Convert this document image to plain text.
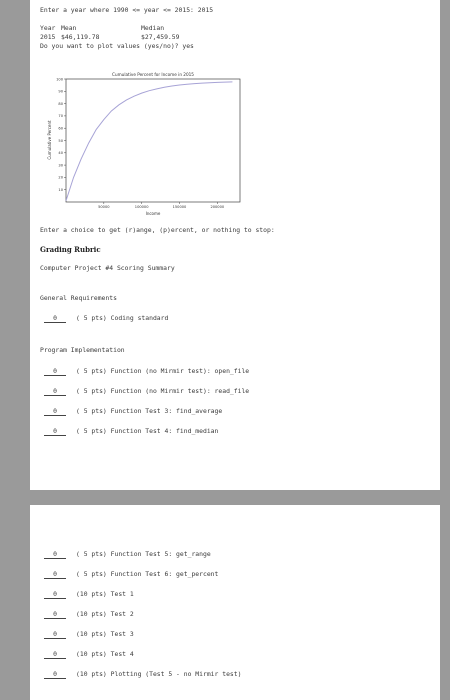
Enter a year where 1990 <= year <= 2015: 2015
Year Mean	Median
2015 $46,119.78	$27,459.59
Do you want to plot values (yes/no)? yes
Cumulative Percent for Income in 2015
10
20
30
40
50
60
70
80
90
100
50000	100000	150000	200000
Income
Cumulative Percent
Enter a choice to get (r)ange, (p)ercent, or nothing to stop:
Grading Rubric
Computer Project #4 Scoring Summary
General Requirements
Program Implementation
0	( 5 pts) Coding standard
0	( 5 pts) Function (no Mirmir test): open_file
0	( 5 pts) Function (no Mirmir test): read_file
0	( 5 pts) Function Test 3: find_average
0	( 5 pts) Function Test 4: find_median
0	( 5 pts) Function Test 5: get_range
0	( 5 pts) Function Test 6: get_percent
0	(10 pts) Test 1
0	(10 pts) Test 2
0	(10 pts) Test 3
0	(10 pts) Test 4
0	(10 pts) Plotting (Test 5 - no Mirmir test)
